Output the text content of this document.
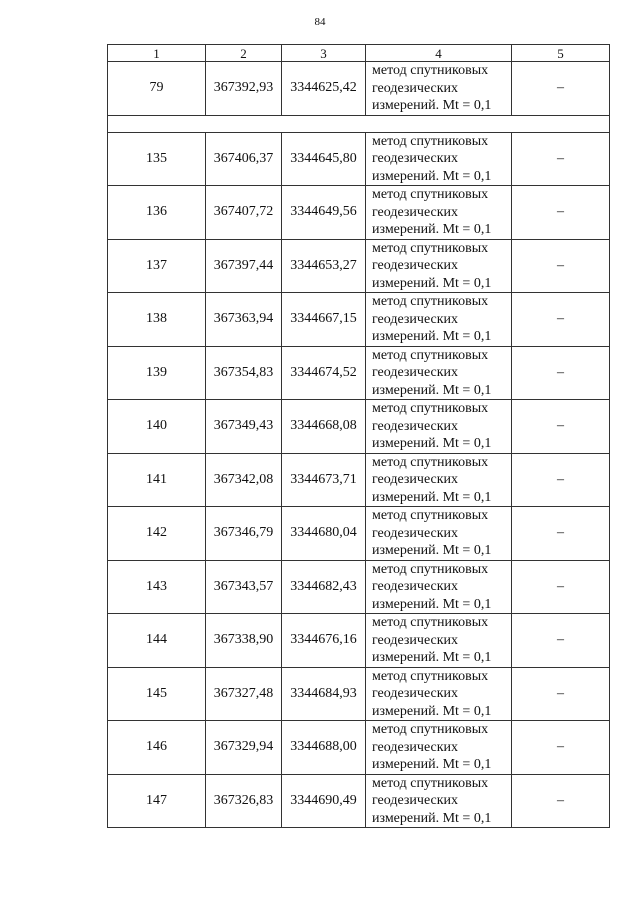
84
1	2	3	4	5
79	367392,93	3344625,42	метод спутниковых
геодезических
измерений. Mt = 0,1	–

135	367406,37	3344645,80	метод спутниковых
геодезических
измерений. Mt = 0,1	–
136	367407,72	3344649,56	метод спутниковых
геодезических
измерений. Mt = 0,1	–
137	367397,44	3344653,27	метод спутниковых
геодезических
измерений. Mt = 0,1	–
138	367363,94	3344667,15	метод спутниковых
геодезических
измерений. Mt = 0,1	–
139	367354,83	3344674,52	метод спутниковых
геодезических
измерений. Mt = 0,1	–
140	367349,43	3344668,08	метод спутниковых
геодезических
измерений. Mt = 0,1	–
141	367342,08	3344673,71	метод спутниковых
геодезических
измерений. Mt = 0,1	–
142	367346,79	3344680,04	метод спутниковых
геодезических
измерений. Mt = 0,1	–
143	367343,57	3344682,43	метод спутниковых
геодезических
измерений. Mt = 0,1	–
144	367338,90	3344676,16	метод спутниковых
геодезических
измерений. Mt = 0,1	–
145	367327,48	3344684,93	метод спутниковых
геодезических
измерений. Mt = 0,1	–
146	367329,94	3344688,00	метод спутниковых
геодезических
измерений. Mt = 0,1	–
147	367326,83	3344690,49	метод спутниковых
геодезических
измерений. Mt = 0,1	–
